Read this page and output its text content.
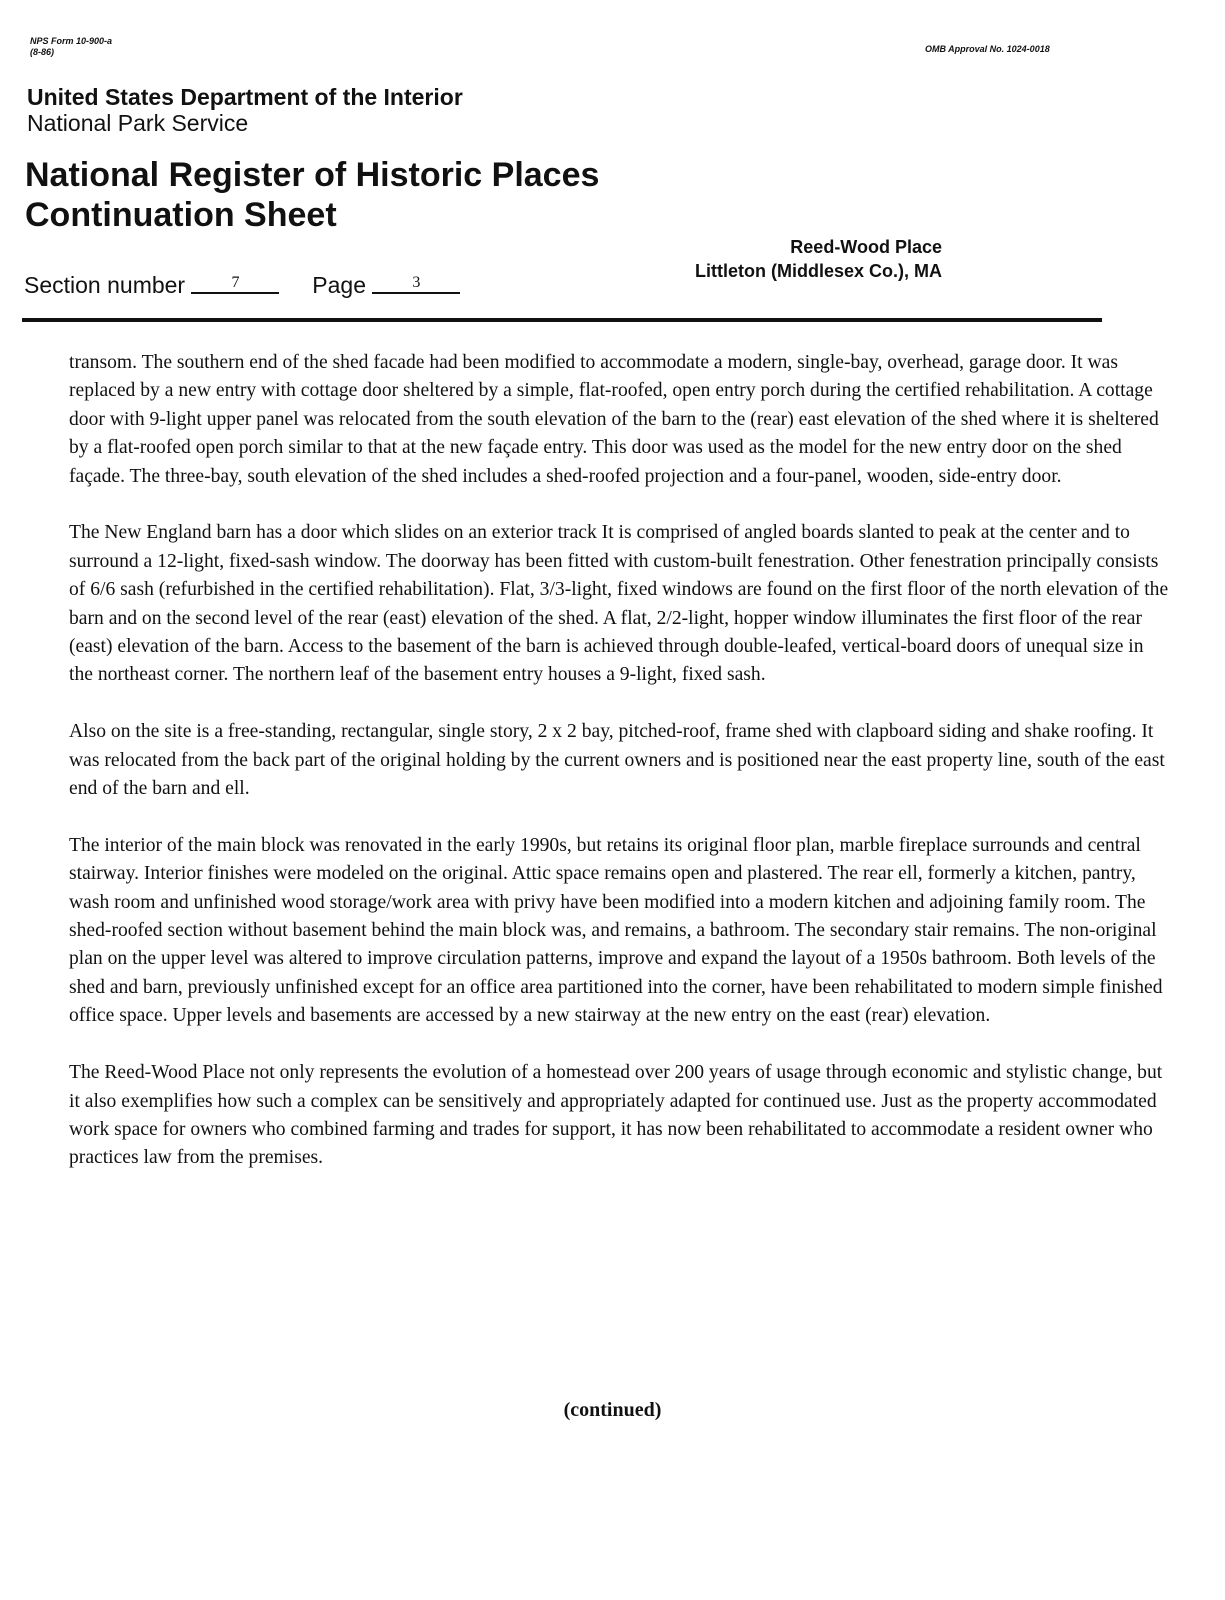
NPS Form 10-900-a
(8-86)	OMB Approval No. 1024-0018
United States Department of the Interior
National Park Service
National Register of Historic Places
Continuation Sheet
Reed-Wood Place
Littleton (Middlesex Co.), MA
Section number	7	Page	3

transom. The southern end of the shed facade had been modified to accommodate a modern, single-bay, overhead, garage door. It was replaced by a new entry with cottage door sheltered by a simple, flat-roofed, open entry porch during the certified rehabilitation. A cottage door with 9-light upper panel was relocated from the south elevation of the barn to the (rear) east elevation of the shed where it is sheltered by a flat-roofed open porch similar to that at the new façade entry. This door was used as the model for the new entry door on the shed façade. The three-bay, south elevation of the shed includes a shed-roofed projection and a four-panel, wooden, side-entry door.

The New England barn has a door which slides on an exterior track It is comprised of angled boards slanted to peak at the center and to surround a 12-light, fixed-sash window. The doorway has been fitted with custom-built fenestration. Other fenestration principally consists of 6/6 sash (refurbished in the certified rehabilitation). Flat, 3/3-light, fixed windows are found on the first floor of the north elevation of the barn and on the second level of the rear (east) elevation of the shed. A flat, 2/2-light, hopper window illuminates the first floor of the rear (east) elevation of the barn. Access to the basement of the barn is achieved through double-leafed, vertical-board doors of unequal size in the northeast corner. The northern leaf of the basement entry houses a 9-light, fixed sash.

Also on the site is a free-standing, rectangular, single story, 2 x 2 bay, pitched-roof, frame shed with clapboard siding and shake roofing. It was relocated from the back part of the original holding by the current owners and is positioned near the east property line, south of the east end of the barn and ell.

The interior of the main block was renovated in the early 1990s, but retains its original floor plan, marble fireplace surrounds and central stairway. Interior finishes were modeled on the original. Attic space remains open and plastered. The rear ell, formerly a kitchen, pantry, wash room and unfinished wood storage/work area with privy have been modified into a modern kitchen and adjoining family room. The shed-roofed section without basement behind the main block was, and remains, a bathroom. The secondary stair remains. The non-original plan on the upper level was altered to improve circulation patterns, improve and expand the layout of a 1950s bathroom. Both levels of the shed and barn, previously unfinished except for an office area partitioned into the corner, have been rehabilitated to modern simple finished office space. Upper levels and basements are accessed by a new stairway at the new entry on the east (rear) elevation.

The Reed-Wood Place not only represents the evolution of a homestead over 200 years of usage through economic and stylistic change, but it also exemplifies how such a complex can be sensitively and appropriately adapted for continued use. Just as the property accommodated work space for owners who combined farming and trades for support, it has now been rehabilitated to accommodate a resident owner who practices law from the premises.

(continued)
